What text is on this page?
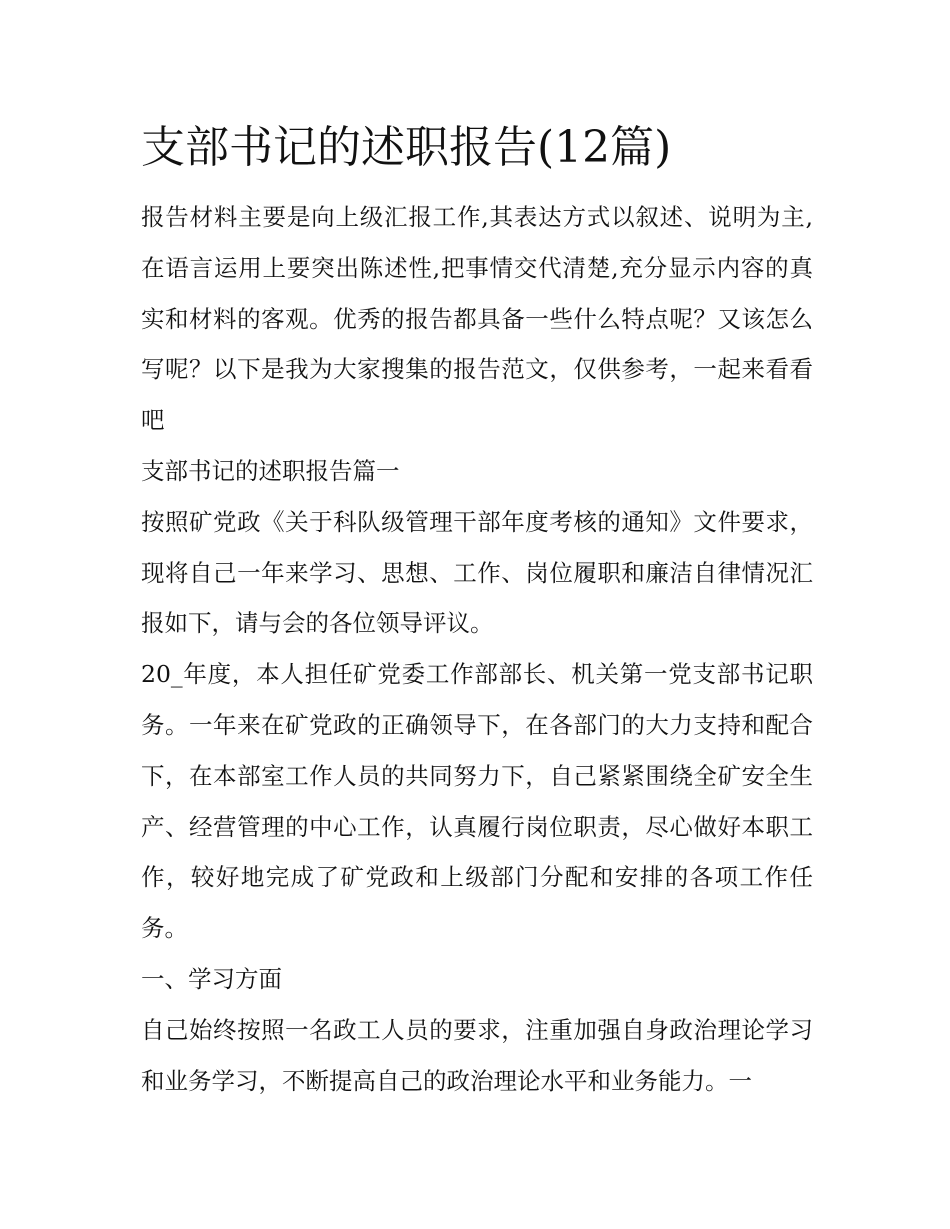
支部书记的述职报告(12篇)

报告材料主要是向上级汇报工作,其表达方式以叙述、说明为主,在语言运用上要突出陈述性,把事情交代清楚,充分显示内容的真实和材料的客观。优秀的报告都具备一些什么特点呢？又该怎么写呢？以下是我为大家搜集的报告范文，仅供参考，一起来看看吧

支部书记的述职报告篇一

按照矿党政《关于科队级管理干部年度考核的通知》文件要求，现将自己一年来学习、思想、工作、岗位履职和廉洁自律情况汇报如下，请与会的各位领导评议。

20_年度，本人担任矿党委工作部部长、机关第一党支部书记职务。一年来在矿党政的正确领导下，在各部门的大力支持和配合下，在本部室工作人员的共同努力下，自己紧紧围绕全矿安全生产、经营管理的中心工作，认真履行岗位职责，尽心做好本职工作，较好地完成了矿党政和上级部门分配和安排的各项工作任务。

一、学习方面

自己始终按照一名政工人员的要求，注重加强自身政治理论学习和业务学习，不断提高自己的政治理论水平和业务能力。一
